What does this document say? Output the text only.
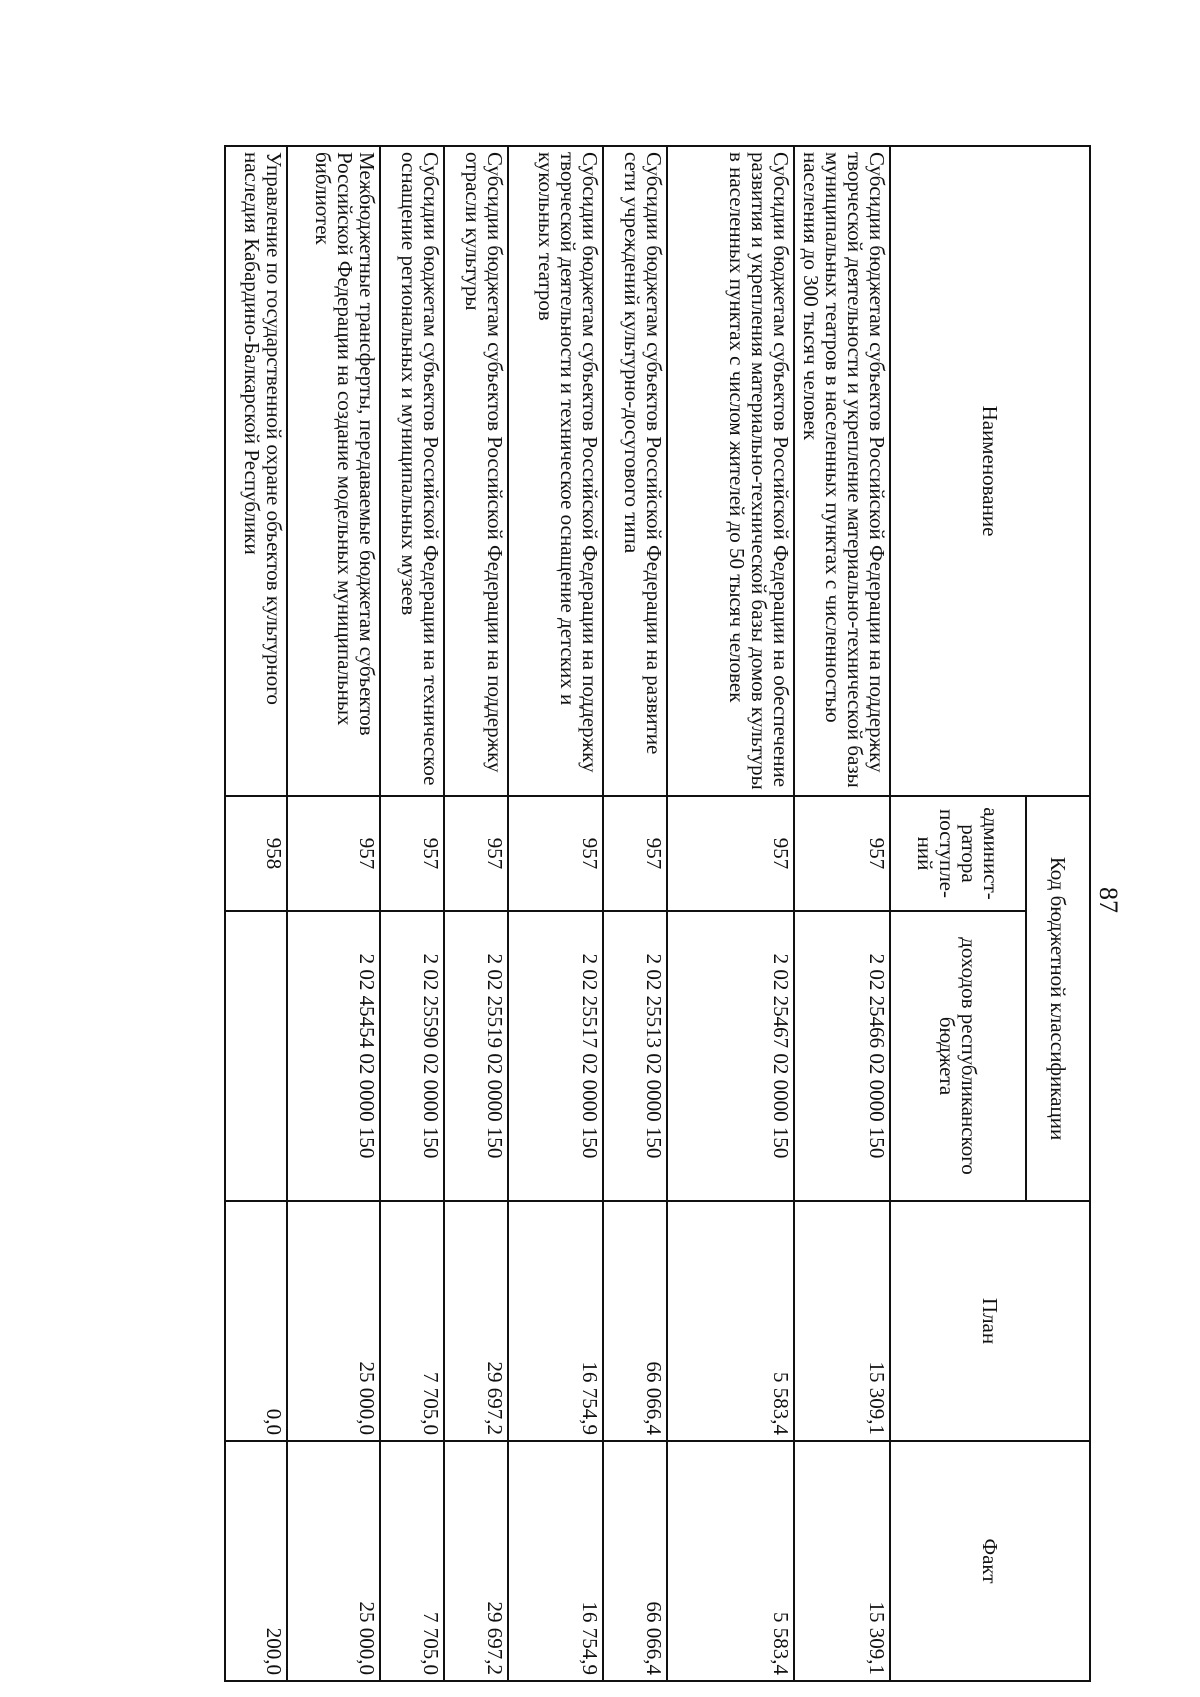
87
Наименование	Код бюджетной классификации		План	Факт
	админист-ратора поступле-ний	доходов республиканского бюджета		
Субсидии бюджетам субъектов Российской Федерации на поддержку творческой деятельности и укрепление материально-технической базы муниципальных театров в населенных пунктах с численностью населения до 300 тысяч человек	957	2 02 25466 02 0000 150	15 309,1	15 309,1
Субсидии бюджетам субъектов Российской Федерации на обеспечение развития и укрепления материально-технической базы домов культуры в населенных пунктах с числом жителей до 50 тысяч человек	957	2 02 25467 02 0000 150	5 583,4	5 583,4
Субсидии бюджетам субъектов Российской Федерации на развитие сети учреждений культурно-досугового типа	957	2 02 25513 02 0000 150	66 066,4	66 066,4
Субсидии бюджетам субъектов Российской Федерации на поддержку творческой деятельности и техническое оснащение детских и кукольных театров	957	2 02 25517 02 0000 150	16 754,9	16 754,9
Субсидии бюджетам субъектов Российской Федерации на поддержку отрасли культуры	957	2 02 25519 02 0000 150	29 697,2	29 697,2
Субсидии бюджетам субъектов Российской Федерации на техническое оснащение региональных и муниципальных музеев	957	2 02 25590 02 0000 150	7 705,0	7 705,0
Межбюджетные трансферты, передаваемые бюджетам субъектов Российской Федерации на создание модельных муниципальных библиотек	957	2 02 45454 02 0000 150	25 000,0	25 000,0
Управление по государственной охране объектов культурного наследия Кабардино-Балкарской Республики	958		0,0	200,0
